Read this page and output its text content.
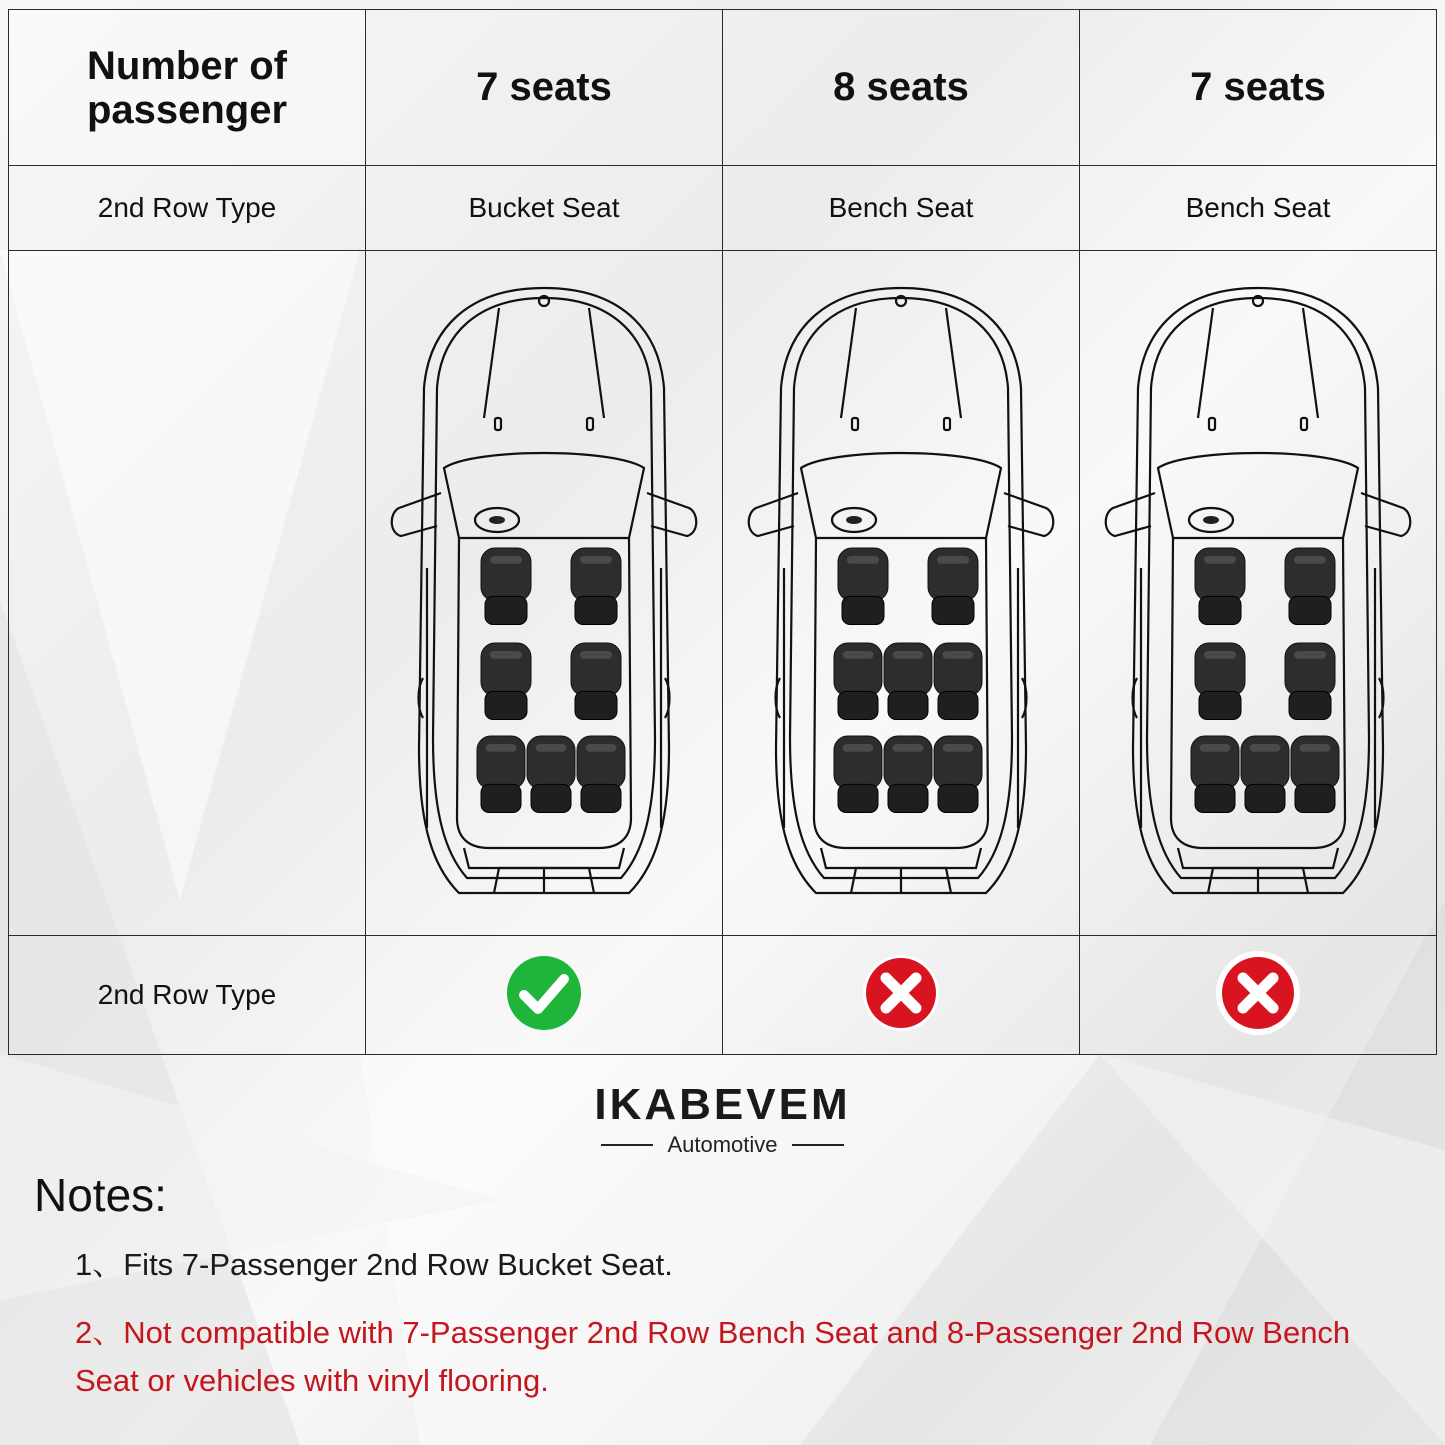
Number of passenger	7 seats	8 seats	7 seats
2nd Row Type	Bucket Seat	Bench Seat	Bench Seat

2nd Row Type			
IKABEVEM
Automotive
Notes:
1、Fits 7-Passenger 2nd Row Bucket Seat.
2、Not compatible with 7-Passenger 2nd Row Bench Seat and 8-Passenger 2nd Row Bench Seat or vehicles with vinyl flooring.
